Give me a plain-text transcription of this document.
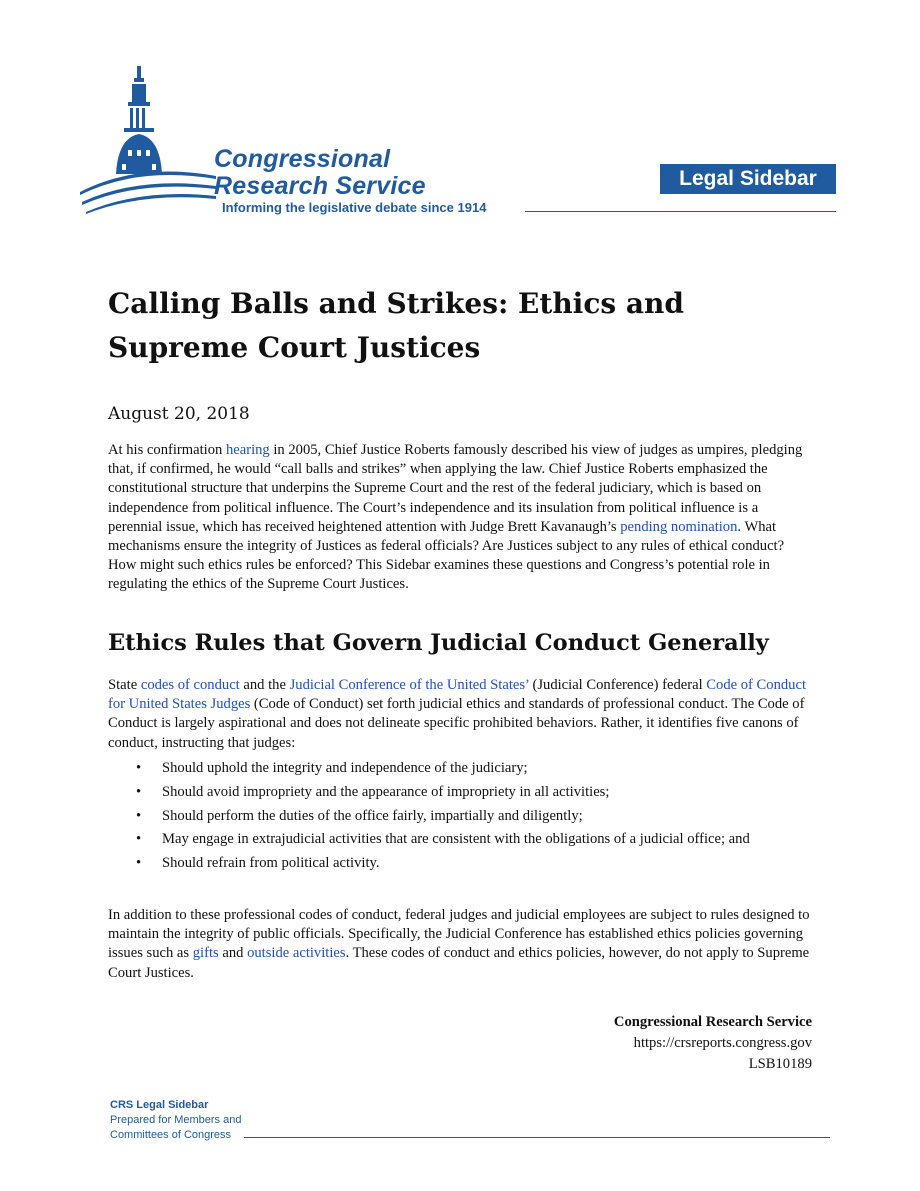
Congressional
Research Service
Informing the legislative debate since 1914
Legal Sidebar
Calling Balls and Strikes: Ethics and Supreme Court Justices
August 20, 2018

At his confirmation hearing in 2005, Chief Justice Roberts famously described his view of judges as umpires, pledging that, if confirmed, he would “call balls and strikes” when applying the law. Chief Justice Roberts emphasized the constitutional structure that underpins the Supreme Court and the rest of the federal judiciary, which is based on independence from political influence. The Court’s independence and its insulation from political influence is a perennial issue, which has received heightened attention with Judge Brett Kavanaugh’s pending nomination. What mechanisms ensure the integrity of Justices as federal officials? Are Justices subject to any rules of ethical conduct? How might such ethics rules be enforced? This Sidebar examines these questions and Congress’s potential role in regulating the ethics of the Supreme Court Justices.

Ethics Rules that Govern Judicial Conduct Generally

State codes of conduct and the Judicial Conference of the United States’ (Judicial Conference) federal Code of Conduct for United States Judges (Code of Conduct) set forth judicial ethics and standards of professional conduct. The Code of Conduct is largely aspirational and does not delineate specific prohibited behaviors. Rather, it identifies five canons of conduct, instructing that judges:

• Should uphold the integrity and independence of the judiciary;
• Should avoid impropriety and the appearance of impropriety in all activities;
• Should perform the duties of the office fairly, impartially and diligently;
• May engage in extrajudicial activities that are consistent with the obligations of a judicial office; and
• Should refrain from political activity.

In addition to these professional codes of conduct, federal judges and judicial employees are subject to rules designed to maintain the integrity of public officials. Specifically, the Judicial Conference has established ethics policies governing issues such as gifts and outside activities. These codes of conduct and ethics policies, however, do not apply to Supreme Court Justices.

Congressional Research Service
https://crsreports.congress.gov
LSB10189
CRS Legal Sidebar
Prepared for Members and
Committees of Congress
